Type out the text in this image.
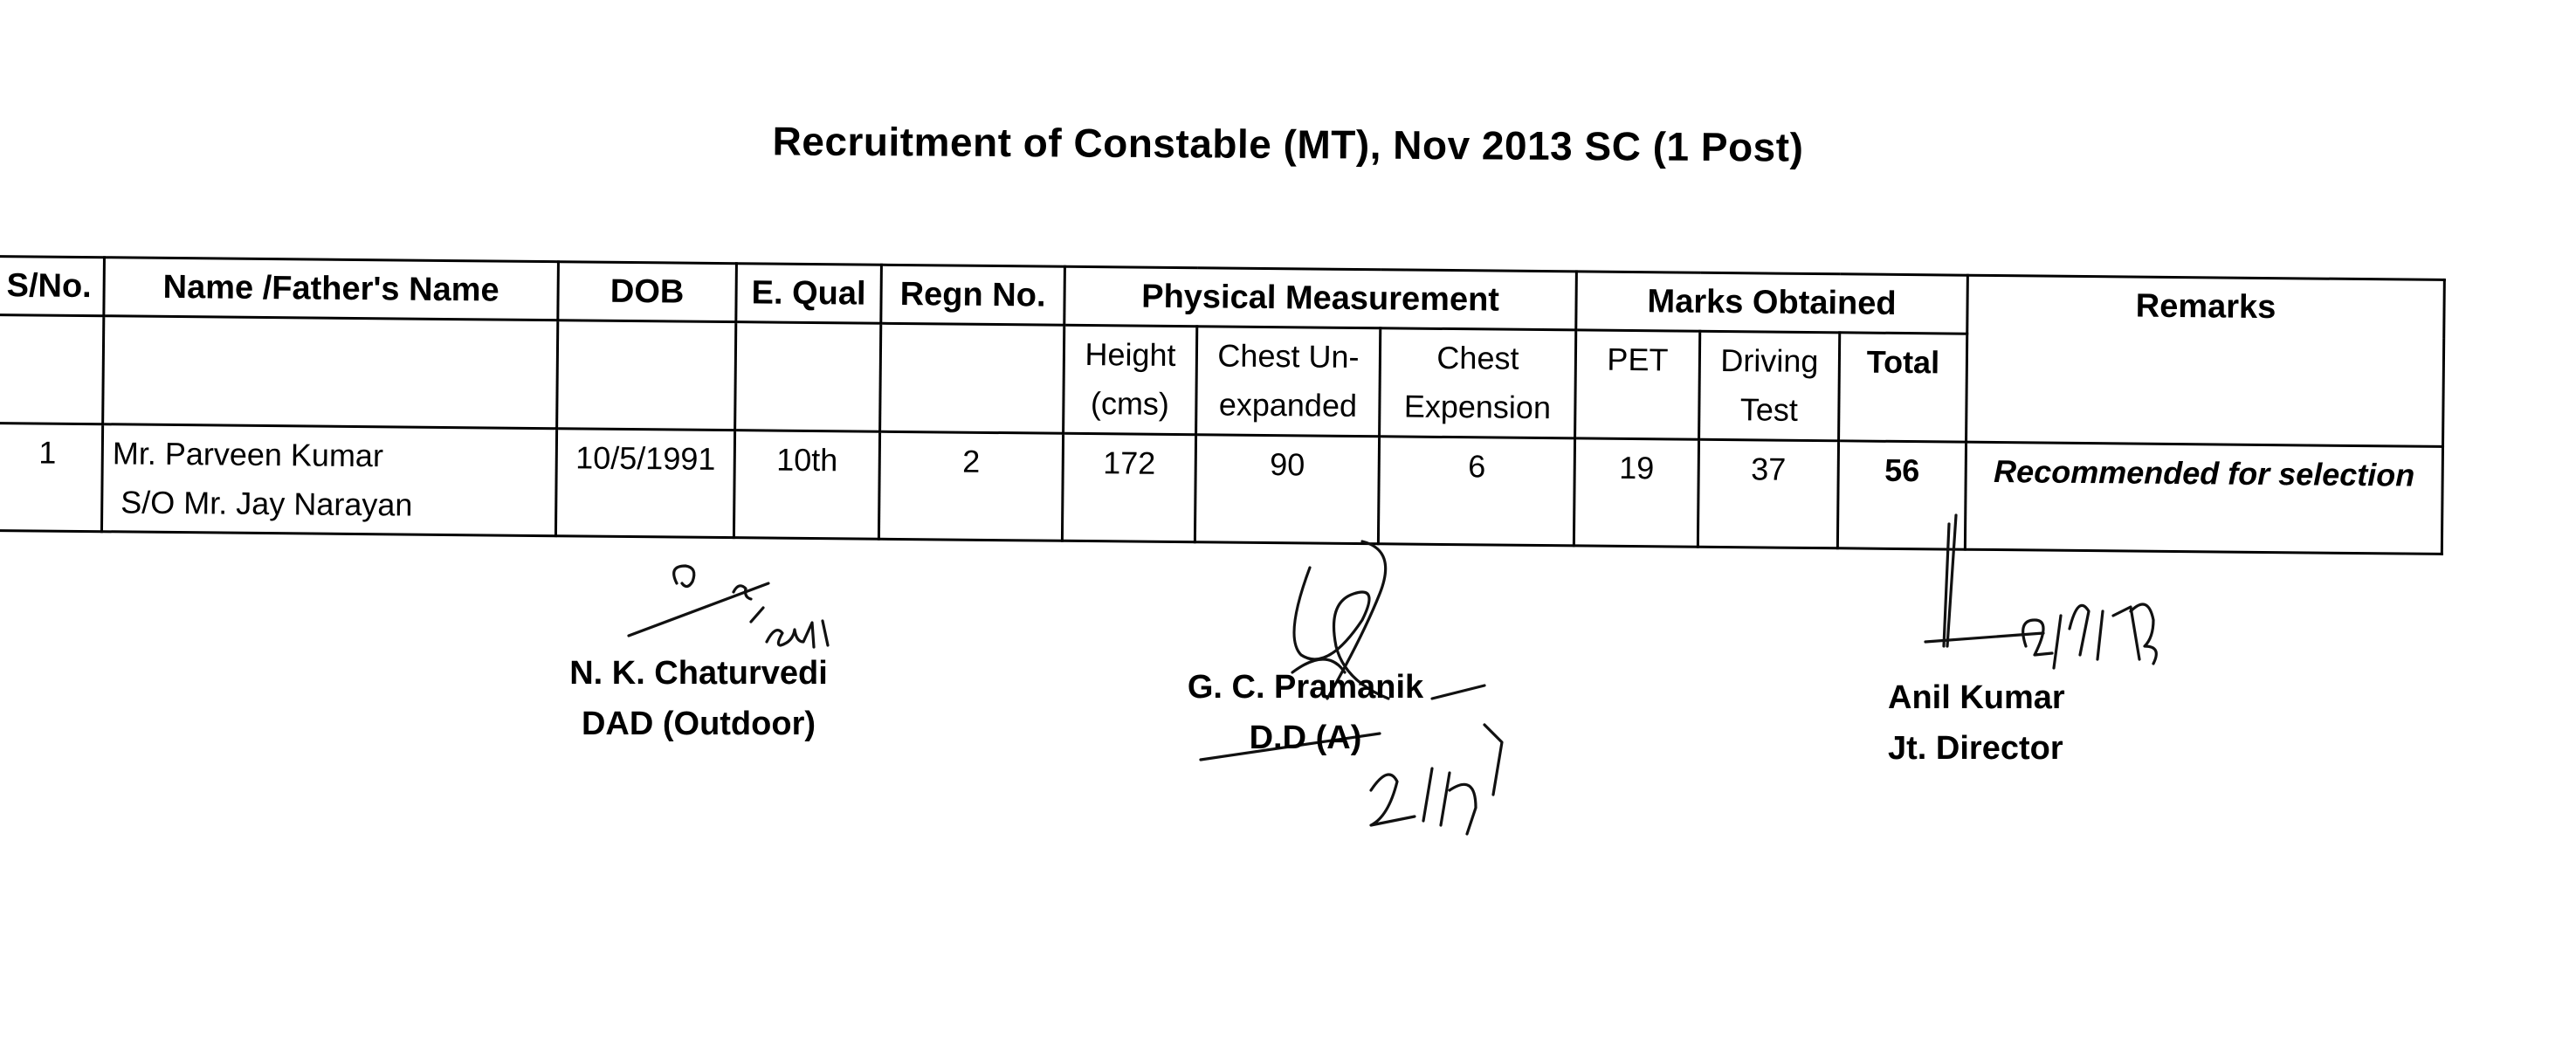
Recruitment of Constable (MT), Nov 2013 SC (1 Post)
S/No.	Name /Father's Name	DOB	E. Qual	Regn No.	Physical Measurement			Marks Obtained			Remarks
					Height (cms)	Chest Un-expanded	Chest Expension	PET	Driving Test	Total	
1	Mr. Parveen Kumar
S/O Mr. Jay Narayan	10/5/1991	10th	2	172	90	6	19	37	56	Recommended for selection
N. K. Chaturvedi
DAD (Outdoor)
G. C. Pramanik
D.D (A)
Anil Kumar
Jt. Director
